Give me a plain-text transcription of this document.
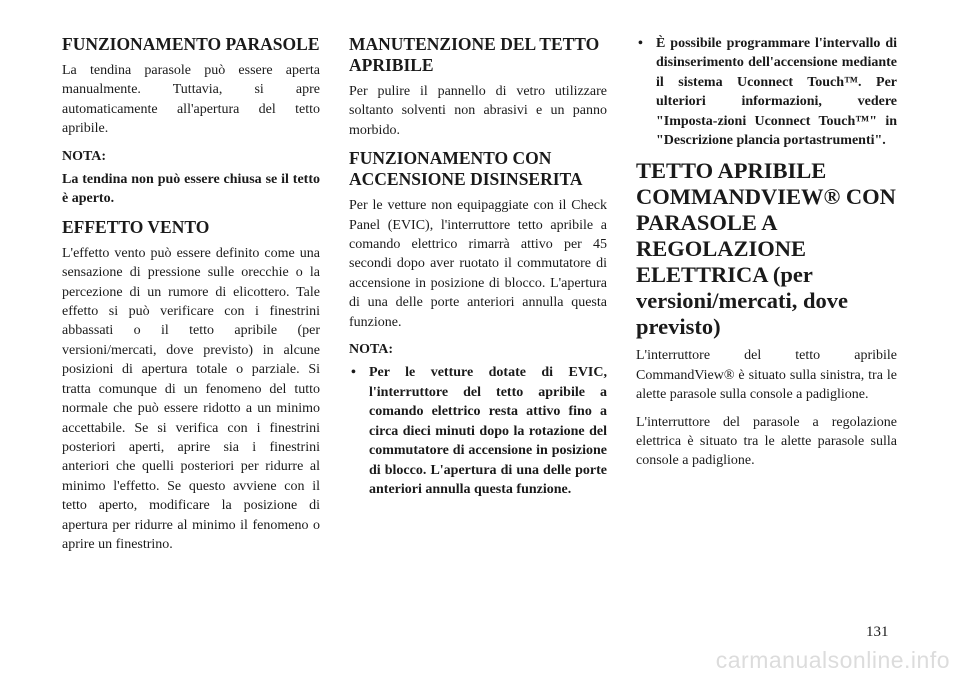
FUNZIONAMENTO PARASOLE

La tendina parasole può essere aperta manualmente. Tuttavia, si apre automaticamente all'apertura del tetto apribile.

NOTA:

La tendina non può essere chiusa se il tetto è aperto.

EFFETTO VENTO

L'effetto vento può essere definito come una sensazione di pressione sulle orecchie o la percezione di un rumore di elicottero. Tale effetto si può verificare con i finestrini abbassati o il tetto apribile (per versioni/mercati, dove previsto) in alcune posizioni di apertura totale o parziale. Si tratta comunque di un fenomeno del tutto normale che può essere ridotto a un minimo accettabile. Se si verifica con i finestrini posteriori aperti, aprire sia i finestrini anteriori che quelli posteriori per ridurre al minimo l'effetto. Se questo avviene con il tetto aperto, modificare la posizione di apertura per ridurre al minimo il fenomeno o aprire un finestrino.

MANUTENZIONE DEL TETTO APRIBILE

Per pulire il pannello di vetro utilizzare soltanto solventi non abrasivi e un panno morbido.

FUNZIONAMENTO CON ACCENSIONE DISINSERITA

Per le vetture non equipaggiate con il Check Panel (EVIC), l'interruttore tetto apribile a comando elettrico rimarrà attivo per 45 secondi dopo aver ruotato il commutatore di accensione in posizione di blocco. L'apertura di una delle porte anteriori annulla questa funzione.

NOTA:

• Per le vetture dotate di EVIC, l'interruttore del tetto apribile a comando elettrico resta attivo fino a circa dieci minuti dopo la rotazione del commutatore di accensione in posizione di blocco. L'apertura di una delle porte anteriori annulla questa funzione.
• È possibile programmare l'intervallo di disinserimento dell'accensione mediante il sistema Uconnect Touch™. Per ulteriori informazioni, vedere "Imposta-zioni Uconnect Touch™" in "Descrizione plancia portastrumenti".
TETTO APRIBILE COMMANDVIEW® CON PARASOLE A REGOLAZIONE ELETTRICA (per versioni/mercati, dove previsto)

L'interruttore del tetto apribile CommandView® è situato sulla sinistra, tra le alette parasole sulla console a padiglione.

L'interruttore del parasole a regolazione elettrica è situato tra le alette parasole sulla console a padiglione.

131
carmanualsonline.info
